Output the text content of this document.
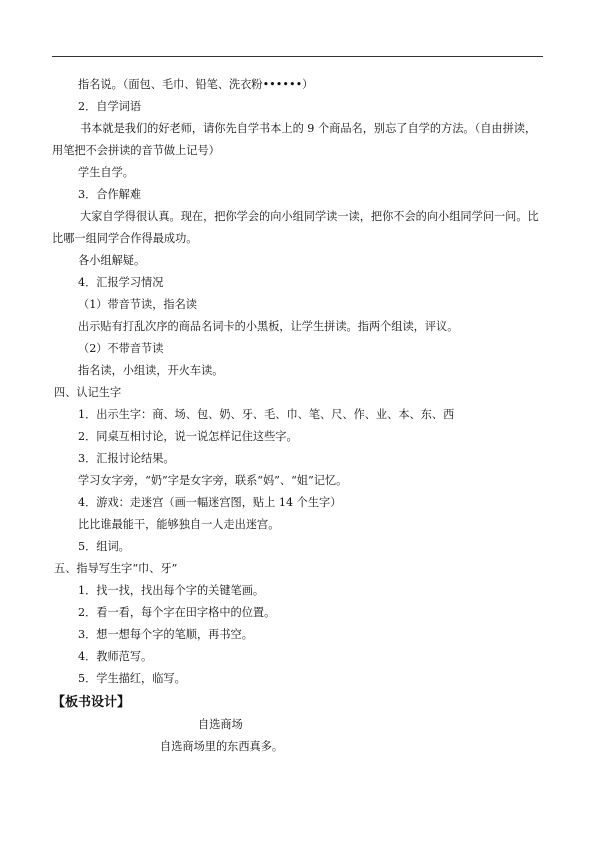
指名说。（面包、毛巾、铅笔、洗衣粉••••••）
2．自学词语
书本就是我们的好老师，请你先自学书本上的 9 个商品名，别忘了自学的方法。（自由拼读，用笔把不会拼读的音节做上记号）
学生自学。
3．合作解难
大家自学得很认真。现在，把你学会的向小组同学读一读，把你不会的向小组同学问一问。比比哪一组同学合作得最成功。
各小组解疑。
4．汇报学习情况
（1）带音节读，指名读
出示贴有打乱次序的商品名词卡的小黑板，让学生拼读。指两个组读，评议。
（2）不带音节读
指名读，小组读，开火车读。
四、认记生字
1．出示生字：商、场、包、奶、牙、毛、巾、笔、尺、作、业、本、东、西
2．同桌互相讨论，说一说怎样记住这些字。
3．汇报讨论结果。
学习女字旁，“奶”字是女字旁，联系“妈”、“姐”记忆。
4．游戏：走迷宫（画一幅迷宫图，贴上 14 个生字）
比比谁最能干，能够独自一人走出迷宫。
5．组词。
五、指导写生字“巾、牙”
1．找一找，找出每个字的关键笔画。
2．看一看，每个字在田字格中的位置。
3．想一想每个字的笔顺，再书空。
4．教师范写。
5．学生描红，临写。
【板书设计】
自选商场
自选商场里的东西真多。
